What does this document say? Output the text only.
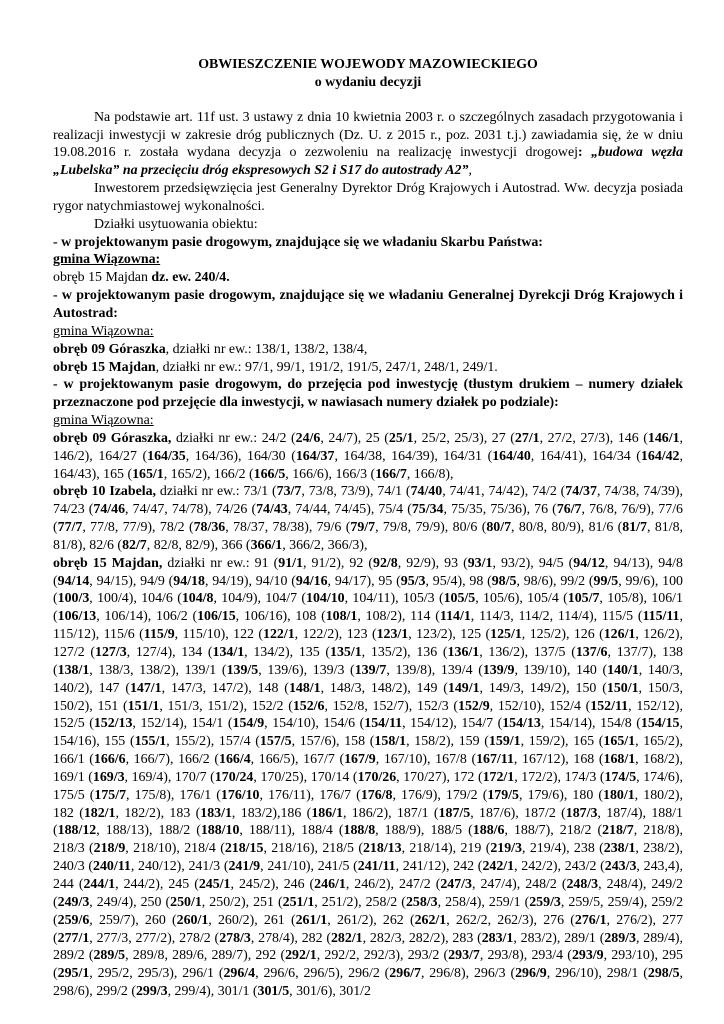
OBWIESZCZENIE WOJEWODY MAZOWIECKIEGO

o wydaniu decyzji

Na podstawie art. 11f ust. 3 ustawy z dnia 10 kwietnia 2003 r. o szczególnych zasadach przygotowania i realizacji inwestycji w zakresie dróg publicznych (Dz. U. z 2015 r., poz. 2031 t.j.) zawiadamia się, że w dniu 19.08.2016 r. została wydana decyzja o zezwoleniu na realizację inwestycji drogowej: „budowa węzła „Lubelska” na przecięciu dróg ekspresowych S2 i S17 do autostrady A2”,

Inwestorem przedsięwzięcia jest Generalny Dyrektor Dróg Krajowych i Autostrad. Ww. decyzja posiada rygor natychmiastowej wykonalności.

Działki usytuowania obiektu:

- w projektowanym pasie drogowym, znajdujące się we władaniu Skarbu Państwa:

gmina Wiązowna:

obręb 15 Majdan dz. ew. 240/4.

- w projektowanym pasie drogowym, znajdujące się we władaniu Generalnej Dyrekcji Dróg Krajowych i Autostrad:

gmina Wiązowna:

obręb 09 Góraszka, działki nr ew.: 138/1, 138/2, 138/4,

obręb 15 Majdan, działki nr ew.: 97/1, 99/1, 191/2, 191/5, 247/1, 248/1, 249/1.

- w projektowanym pasie drogowym, do przejęcia pod inwestycję (tłustym drukiem – numery działek przeznaczone pod przejęcie dla inwestycji, w nawiasach numery działek po podziale):

gmina Wiązowna:

obręb 09 Góraszka, działki nr ew.: 24/2 (24/6, 24/7), 25 (25/1, 25/2, 25/3), 27 (27/1, 27/2, 27/3), 146 (146/1, 146/2), 164/27 (164/35, 164/36), 164/30 (164/37, 164/38, 164/39), 164/31 (164/40, 164/41), 164/34 (164/42, 164/43), 165 (165/1, 165/2), 166/2 (166/5, 166/6), 166/3 (166/7, 166/8),

obręb 10 Izabela, działki nr ew.: 73/1 (73/7, 73/8, 73/9), 74/1 (74/40, 74/41, 74/42), 74/2 (74/37, 74/38, 74/39), 74/23 (74/46, 74/47, 74/78), 74/26 (74/43, 74/44, 74/45), 75/4 (75/34, 75/35, 75/36), 76 (76/7, 76/8, 76/9), 77/6 (77/7, 77/8, 77/9), 78/2 (78/36, 78/37, 78/38), 79/6 (79/7, 79/8, 79/9), 80/6 (80/7, 80/8, 80/9), 81/6 (81/7, 81/8, 81/8), 82/6 (82/7, 82/8, 82/9), 366 (366/1, 366/2, 366/3),

obręb 15 Majdan, działki nr ew.: 91 (91/1, 91/2), 92 (92/8, 92/9), 93 (93/1, 93/2), 94/5 (94/12, 94/13), 94/8 (94/14, 94/15), 94/9 (94/18, 94/19), 94/10 (94/16, 94/17), 95 (95/3, 95/4), 98 (98/5, 98/6), 99/2 (99/5, 99/6), 100 (100/3, 100/4), 104/6 (104/8, 104/9), 104/7 (104/10, 104/11), 105/3 (105/5, 105/6), 105/4 (105/7, 105/8), 106/1 (106/13, 106/14), 106/2 (106/15, 106/16), 108 (108/1, 108/2), 114 (114/1, 114/3, 114/2, 114/4), 115/5 (115/11, 115/12), 115/6 (115/9, 115/10), 122 (122/1, 122/2), 123 (123/1, 123/2), 125 (125/1, 125/2), 126 (126/1, 126/2), 127/2 (127/3, 127/4), 134 (134/1, 134/2), 135 (135/1, 135/2), 136 (136/1, 136/2), 137/5 (137/6, 137/7), 138 (138/1, 138/3, 138/2), 139/1 (139/5, 139/6), 139/3 (139/7, 139/8), 139/4 (139/9, 139/10), 140 (140/1, 140/3, 140/2), 147 (147/1, 147/3, 147/2), 148 (148/1, 148/3, 148/2), 149 (149/1, 149/3, 149/2), 150 (150/1, 150/3, 150/2), 151 (151/1, 151/3, 151/2), 152/2 (152/6, 152/8, 152/7), 152/3 (152/9, 152/10), 152/4 (152/11, 152/12), 152/5 (152/13, 152/14), 154/1 (154/9, 154/10), 154/6 (154/11, 154/12), 154/7 (154/13, 154/14), 154/8 (154/15, 154/16), 155 (155/1, 155/2), 157/4 (157/5, 157/6), 158 (158/1, 158/2), 159 (159/1, 159/2), 165 (165/1, 165/2), 166/1 (166/6, 166/7), 166/2 (166/4, 166/5), 167/7 (167/9, 167/10), 167/8 (167/11, 167/12), 168 (168/1, 168/2), 169/1 (169/3, 169/4), 170/7 (170/24, 170/25), 170/14 (170/26, 170/27), 172 (172/1, 172/2), 174/3 (174/5, 174/6), 175/5 (175/7, 175/8), 176/1 (176/10, 176/11), 176/7 (176/8, 176/9), 179/2 (179/5, 179/6), 180 (180/1, 180/2), 182 (182/1, 182/2), 183 (183/1, 183/2),186 (186/1, 186/2), 187/1 (187/5, 187/6), 187/2 (187/3, 187/4), 188/1 (188/12, 188/13), 188/2 (188/10, 188/11), 188/4 (188/8, 188/9), 188/5 (188/6, 188/7), 218/2 (218/7, 218/8), 218/3 (218/9, 218/10), 218/4 (218/15, 218/16), 218/5 (218/13, 218/14), 219 (219/3, 219/4), 238 (238/1, 238/2), 240/3 (240/11, 240/12), 241/3 (241/9, 241/10), 241/5 (241/11, 241/12), 242 (242/1, 242/2), 243/2 (243/3, 243,4), 244 (244/1, 244/2), 245 (245/1, 245/2), 246 (246/1, 246/2), 247/2 (247/3, 247/4), 248/2 (248/3, 248/4), 249/2 (249/3, 249/4), 250 (250/1, 250/2), 251 (251/1, 251/2), 258/2 (258/3, 258/4), 259/1 (259/3, 259/5, 259/4), 259/2 (259/6, 259/7), 260 (260/1, 260/2), 261 (261/1, 261/2), 262 (262/1, 262/2, 262/3), 276 (276/1, 276/2), 277 (277/1, 277/3, 277/2), 278/2 (278/3, 278/4), 282 (282/1, 282/3, 282/2), 283 (283/1, 283/2), 289/1 (289/3, 289/4), 289/2 (289/5, 289/8, 289/6, 289/7), 292 (292/1, 292/2, 292/3), 293/2 (293/7, 293/8), 293/4 (293/9, 293/10), 295 (295/1, 295/2, 295/3), 296/1 (296/4, 296/6, 296/5), 296/2 (296/7, 296/8), 296/3 (296/9, 296/10), 298/1 (298/5, 298/6), 299/2 (299/3, 299/4), 301/1 (301/5, 301/6), 301/2
